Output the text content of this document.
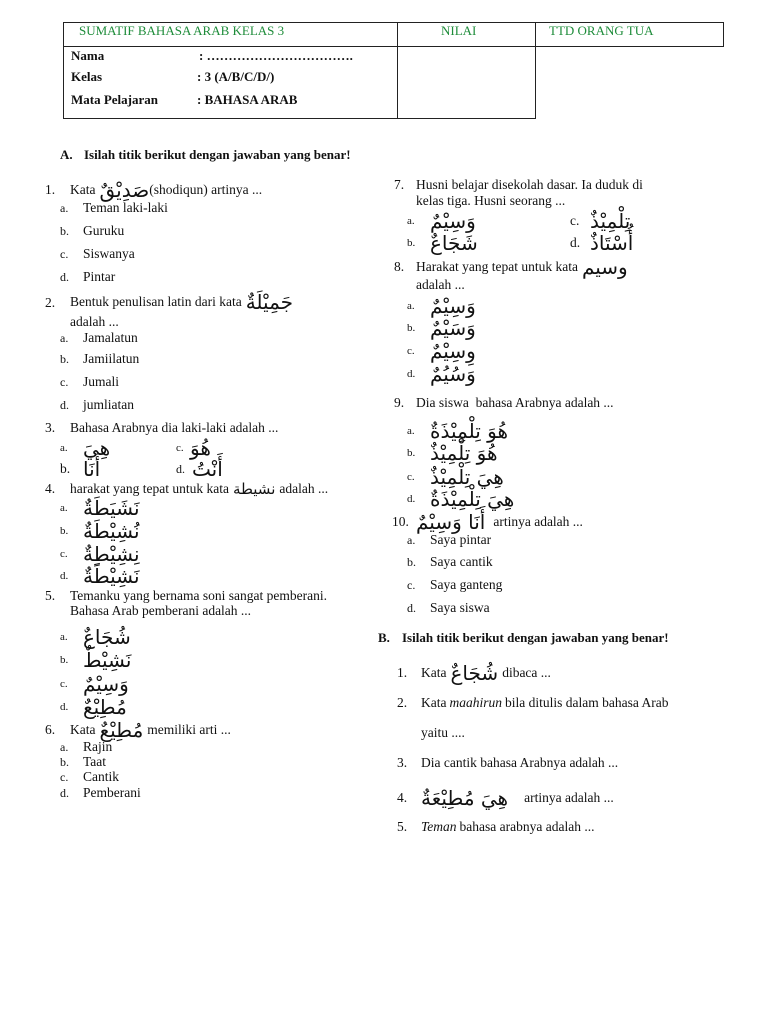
SUMATIF BAHASA ARAB KELAS 3	NILAI	TTD ORANG TUA
Nama	: …………………………….
Kelas	: 3 (A/B/C/D/)
Mata Pelajaran	: BAHASA ARAB
A. Isilah titik berikut dengan jawaban yang benar!
1. Kata صَدِيْقٌ (shodiqun) artinya ...
a. Teman laki-laki
b. Guruku
c. Siswanya
d. Pintar
2. Bentuk penulisan latin dari kata جَمِيْلَةٌ
adalah ...
a. Jamalatun
b. Jamiilatun
c. Jumali
d. jumliatan
3. Bahasa Arabnya dia laki-laki adalah ...
a. هِيَ	c. هُوَ
b. أَنَا	d. أَنْتُ
4. harakat yang tepat untuk kata نشيطة adalah ...
a. نَشَيَطَةٌ
b. نُشِيْطَةٌ
c. نِشِيْطِةٌ
d. نَشِيْطَةٌ
5. Temanku yang bernama soni sangat pemberani.
Bahasa Arab pemberani adalah ...
a. شُجَاعٌ
b. نَشِيْطٌ
c. وَسِيْمٌ
d. مُطِيْعٌ
6. Kata مُطِيْعٌ memiliki arti ...
a. Rajin
b. Taat
c. Cantik
d. Pemberani
7. Husni belajar disekolah dasar. Ia duduk di
kelas tiga. Husni seorang ...
a. وَسِيْمٌ	c. تِلْمِيْذٌ
b. شَجَاعٌ	d. أُسْتَاذٌ
8. Harakat yang tepat untuk kata وسيم
adalah ...
a. وَسِيْمٌ
b. وَسَيْمٌ
c. وِسِيْمٌ
d. وَسُيُمٌ
9. Dia siswa  bahasa Arabnya adalah ...
a. هُوَ تِلْمِيْذَةٌ
b. هُوَ تِلْمِيْذٌ
c. هِيَ تِلْمِيْذٌ
d. هِيَ تِلْمِيْذَةٌ
10. أَنَا وَسِيْمٌ artinya adalah ...
a. Saya pintar
b. Saya cantik
c. Saya ganteng
d. Saya siswa
B. Isilah titik berikut dengan jawaban yang benar!
1. Kata شُجَاعٌ dibaca ...
2. Kata maahirun bila ditulis dalam bahasa Arab
yaitu ....
3. Dia cantik bahasa Arabnya adalah ...
4. هِيَ مُطِيْعَةٌ artinya adalah ...
5. Teman bahasa arabnya adalah ...
